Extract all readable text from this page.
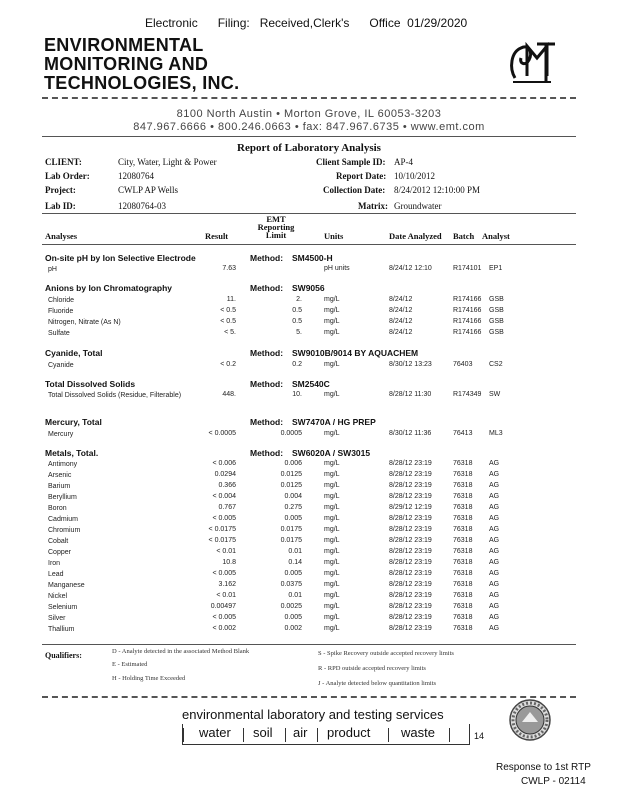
Electronic      Filing:   Received,Clerk's      Office  01/29/2020
ENVIRONMENTAL
MONITORING AND
TECHNOLOGIES, INC.
8100 North Austin • Morton Grove, IL 60053-3203
847.967.6666 • 800.246.0663 • fax: 847.967.6735 • www.emt.com
Report of Laboratory Analysis
CLIENT:	City, Water, Light & Power
Lab Order:	12080764
Project:	CWLP AP Wells
Lab ID:	12080764-03
Client Sample ID: AP-4
Report Date: 10/10/2012
Collection Date: 8/24/2012 12:10:00 PM
Matrix: Groundwater
Analyses	Result
EMT
Reporting
Limit	Units	Date Analyzed Batch Analyst
On-site pH by Ion Selective Electrode	Method: SM4500-H
pH	7.63	pH units	8/24/12 12:10	R174101 EP1
Anions by Ion Chromatography	Method: SW9056
Chloride	11.	2.	mg/L	8/24/12	R174166 GSB
Fluoride	< 0.5	0.5	mg/L	8/24/12	R174166 GSB
Nitrogen, Nitrate (As N)	< 0.5	0.5	mg/L	8/24/12	R174166 GSB
Sulfate	< 5.	5.	mg/L	8/24/12	R174166 GSB
Cyanide, Total	Method: SW9010B/9014 BY AQUACHEM
Cyanide	< 0.2	0.2	mg/L	8/30/12 13:23	76403	CS2
Total Dissolved Solids	Method: SM2540C
Total Dissolved Solids (Residue, Filterable)	448.	10.	mg/L	8/28/12 11:30	R174349 SW
Mercury, Total	Method: SW7470A / HG PREP
Mercury	< 0.0005	0.0005	mg/L	8/30/12 11:36	76413	ML3
Metals, Total.	Method: SW6020A / SW3015
Antimony	< 0.006	0.006	mg/L	8/28/12 23:19	76318	AG
Arsenic	0.0294	0.0125	mg/L	8/28/12 23:19	76318	AG
Barium	0.366	0.0125	mg/L	8/28/12 23:19	76318	AG
Beryllium	< 0.004	0.004	mg/L	8/28/12 23:19	76318	AG
Boron	0.767	0.275	mg/L	8/29/12 12:19	76318	AG
Cadmium	< 0.005	0.005	mg/L	8/28/12 23:19	76318	AG
Chromium	< 0.0175	0.0175	mg/L	8/28/12 23:19	76318	AG
Cobalt	< 0.0175	0.0175	mg/L	8/28/12 23:19	76318	AG
Copper	< 0.01	0.01	mg/L	8/28/12 23:19	76318	AG
Iron	10.8	0.14	mg/L	8/28/12 23:19	76318	AG
Lead	< 0.005	0.005	mg/L	8/28/12 23:19	76318	AG
Manganese	3.162	0.0375	mg/L	8/28/12 23:19	76318	AG
Nickel	< 0.01	0.01	mg/L	8/28/12 23:19	76318	AG
Selenium	0.00497	0.0025	mg/L	8/28/12 23:19	76318	AG
Silver	< 0.005	0.005	mg/L	8/28/12 23:19	76318	AG
Thallium	< 0.002	0.002	mg/L	8/28/12 23:19	76318	AG
Qualifiers:	D - Analyte detected in the associated Method Blank
E - Estimated
H - Holding Time Exceeded
S - Spike Recovery outside accepted recovery limits
R - RPD outside accepted recovery limits
J - Analyte detected below quantitation limits
environmental laboratory and testing services
water soil air product waste	14
Response to 1st RTP
CWLP - 02114
